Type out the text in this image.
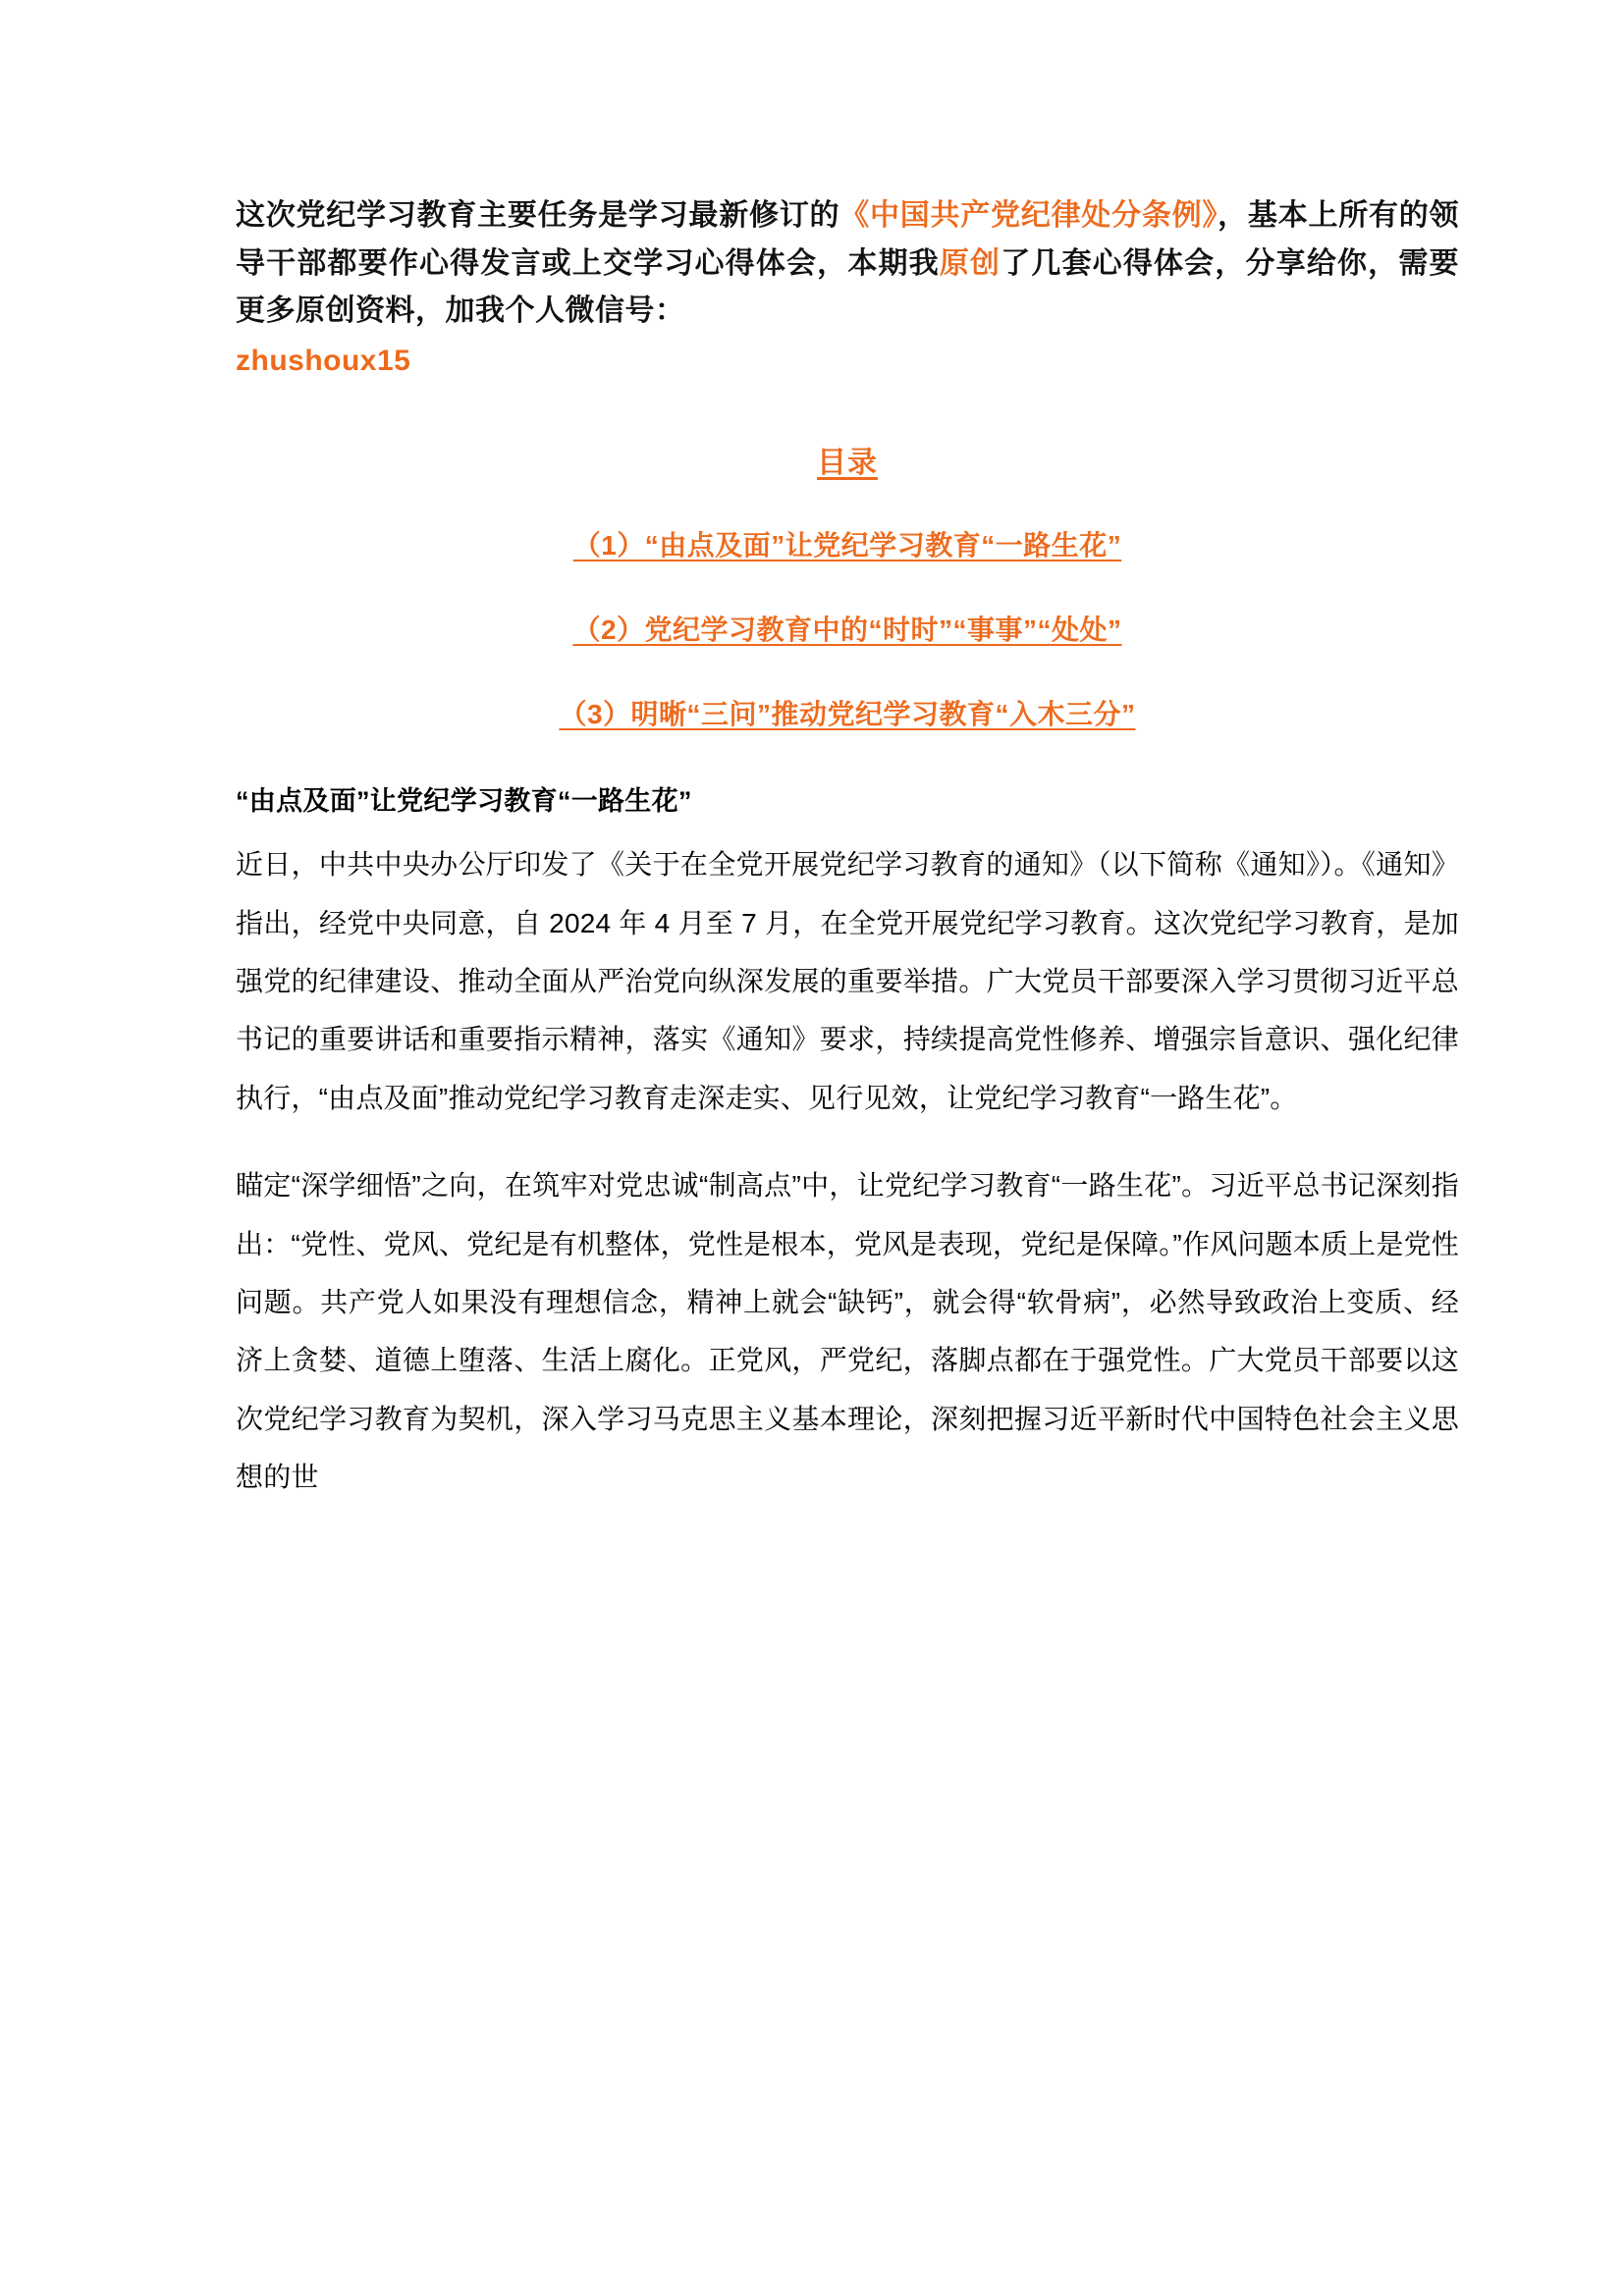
这次党纪学习教育主要任务是学习最新修订的《中国共产党纪律处分条例》，基本上所有的领导干部都要作心得发言或上交学习心得体会，本期我原创了几套心得体会，分享给你，需要更多原创资料，加我个人微信号：
zhushoux15

目录

（1）“由点及面”让党纪学习教育“一路生花”

（2）党纪学习教育中的“时时”“事事”“处处”

（3）明晰“三问”推动党纪学习教育“入木三分”

“由点及面”让党纪学习教育“一路生花”

近日，中共中央办公厅印发了《关于在全党开展党纪学习教育的通知》（以下简称《通知》）。《通知》指出，经党中央同意，自 2024 年 4 月至 7 月，在全党开展党纪学习教育。这次党纪学习教育，是加强党的纪律建设、推动全面从严治党向纵深发展的重要举措。广大党员干部要深入学习贯彻习近平总书记的重要讲话和重要指示精神，落实《通知》要求，持续提高党性修养、增强宗旨意识、强化纪律执行，“由点及面”推动党纪学习教育走深走实、见行见效，让党纪学习教育“一路生花”。

瞄定“深学细悟”之向，在筑牢对党忠诚“制高点”中，让党纪学习教育“一路生花”。习近平总书记深刻指出：“党性、党风、党纪是有机整体，党性是根本，党风是表现，党纪是保障。”作风问题本质上是党性问题。共产党人如果没有理想信念，精神上就会“缺钙”，就会得“软骨病”，必然导致政治上变质、经济上贪婪、道德上堕落、生活上腐化。正党风，严党纪，落脚点都在于强党性。广大党员干部要以这次党纪学习教育为契机，深入学习马克思主义基本理论，深刻把握习近平新时代中国特色社会主义思想的世
